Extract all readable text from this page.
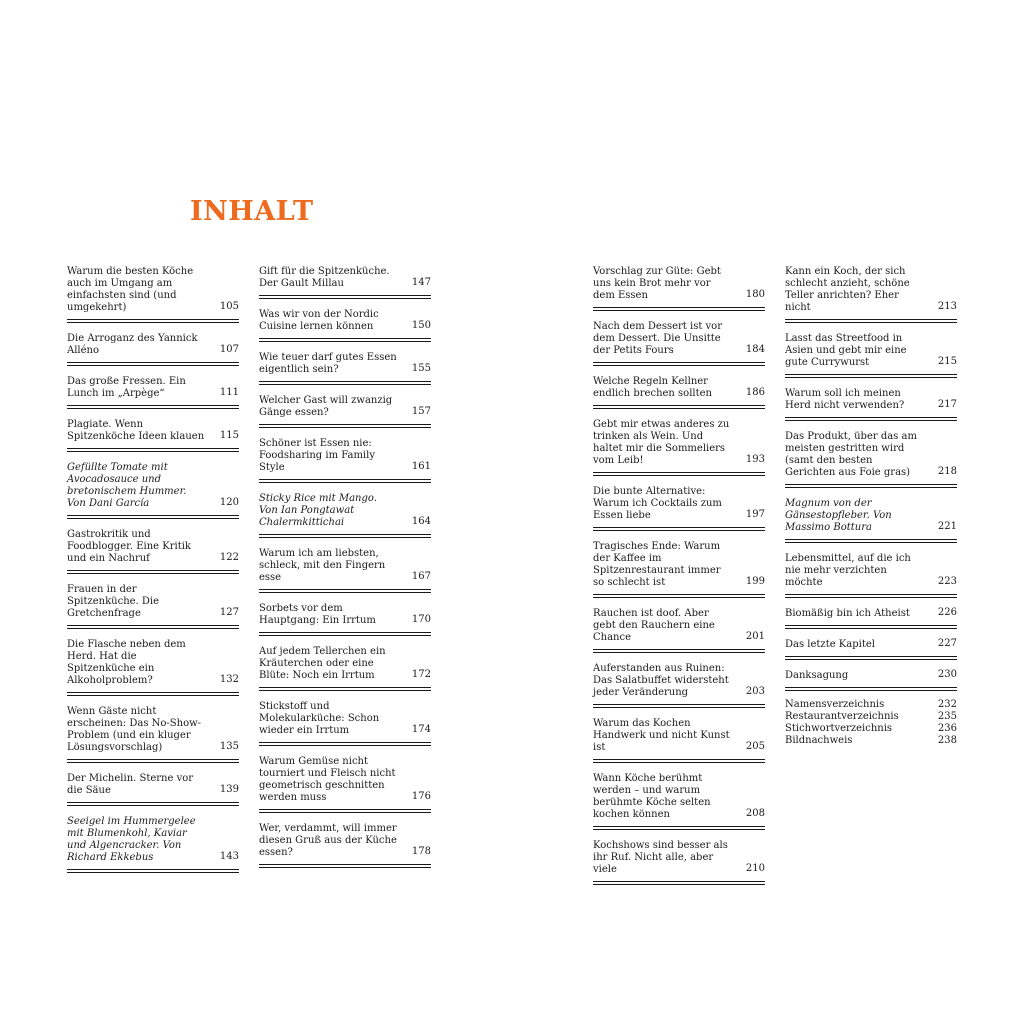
INHALT
Warum die besten Köche auch im Umgang am einfachsten sind (und umgekehrt)	105
Die Arroganz des Yannick Alléno	107
Das große Fressen. Ein Lunch im „Arpège“	111
Plagiate. Wenn Spitzenköche Ideen klauen 115
Gefüllte Tomate mit Avocadosauce und bretonischem Hummer. Von Dani García	120
Gastrokritik und Foodblogger. Eine Kritik und ein Nachruf	122
Frauen in der Spitzenküche. Die Gretchenfrage	127
Die Flasche neben dem Herd. Hat die Spitzenküche ein Alkoholproblem?	132
Wenn Gäste nicht erscheinen: Das No-Show-Problem (und ein kluger Lösungsvorschlag)	135
Der Michelin. Sterne vor die Säue	139
Seeigel im Hummergelee mit Blumenkohl, Kaviar und Algencracker. Von Richard Ekkebus	143
Gift für die Spitzenküche. Der Gault Millau	147
Was wir von der Nordic Cuisine lernen können	150
Wie teuer darf gutes Essen eigentlich sein?	155
Welcher Gast will zwanzig Gänge essen?	157
Schöner ist Essen nie: Foodsharing im Family Style	161
Sticky Rice mit Mango. Von Ian Pongtawat Chalermkittichai	164
Warum ich am liebsten, schleck, mit den Fingern esse	167
Sorbets vor dem Hauptgang: Ein Irrtum	170
Auf jedem Tellerchen ein Kräuterchen oder eine Blüte: Noch ein Irrtum	172
Stickstoff und Molekularküche: Schon wieder ein Irrtum	174
Warum Gemüse nicht tourniert und Fleisch nicht geometrisch geschnitten werden muss	176
Wer, verdammt, will immer diesen Gruß aus der Küche essen?	178
Vorschlag zur Güte: Gebt uns kein Brot mehr vor dem Essen	180
Nach dem Dessert ist vor dem Dessert. Die Unsitte der Petits Fours	184
Welche Regeln Kellner endlich brechen sollten	186
Gebt mir etwas anderes zu trinken als Wein. Und haltet mir die Sommeliers vom Leib!	193
Die bunte Alternative: Warum ich Cocktails zum Essen liebe	197
Tragisches Ende: Warum der Kaffee im Spitzenrestaurant immer so schlecht ist	199
Rauchen ist doof. Aber gebt den Rauchern eine Chance	201
Auferstanden aus Ruinen: Das Salatbuffet widersteht jeder Veränderung	203
Warum das Kochen Handwerk und nicht Kunst ist	205
Wann Köche berühmt werden – und warum berühmte Köche selten kochen können	208
Kochshows sind besser als ihr Ruf. Nicht alle, aber viele	210
Kann ein Koch, der sich schlecht anzieht, schöne Teller anrichten? Eher nicht	213
Lasst das Streetfood in Asien und gebt mir eine gute Currywurst	215
Warum soll ich meinen Herd nicht verwenden?	217
Das Produkt, über das am meisten gestritten wird (samt den besten Gerichten aus Foie gras)	218
Magnum von der Gänsestopfleber. Von Massimo Bottura	221
Lebensmittel, auf die ich nie mehr verzichten möchte	223
Biomäßig bin ich Atheist	226
Das letzte Kapitel	227
Danksagung	230
Namensverzeichnis	232
Restaurantverzeichnis	235
Stichwortverzeichnis	236
Bildnachweis	238
